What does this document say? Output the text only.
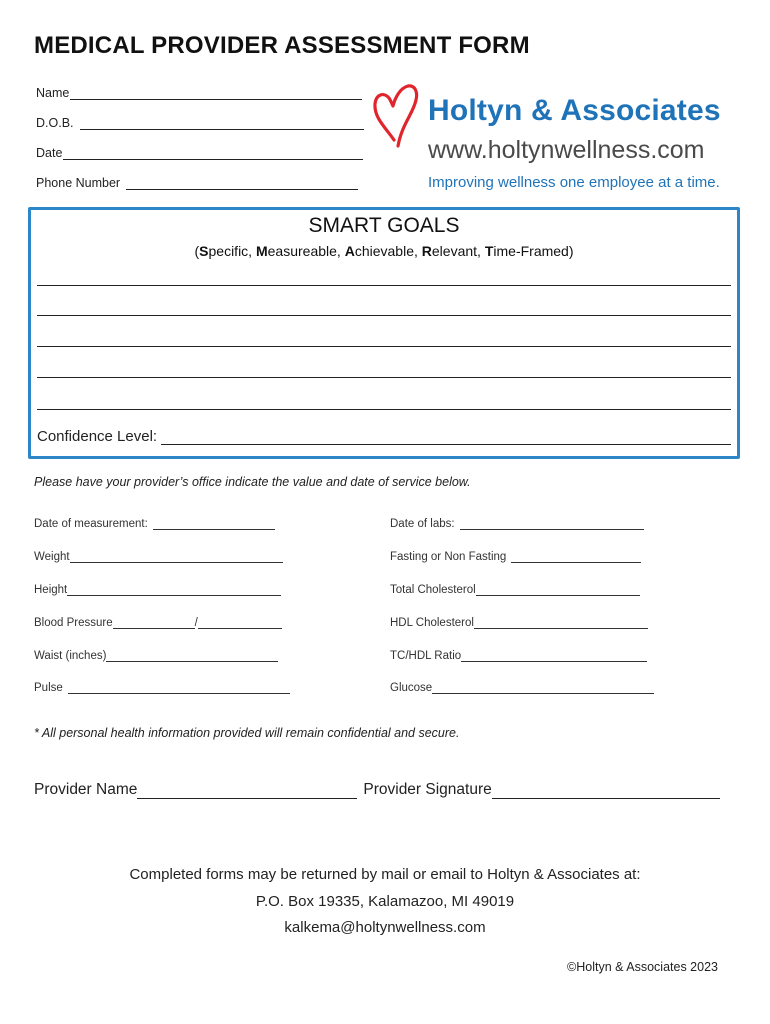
MEDICAL PROVIDER ASSESSMENT FORM
Name
D.O.B.
Date
Phone Number
Holtyn & Associates
www.holtynwellness.com
Improving wellness one employee at a time.
SMART GOALS
(Specific, Measureable, Achievable, Relevant, Time-Framed)
Confidence Level:
Please have your provider’s office indicate the value and date of service below.
Date of measurement:
Weight
Height
Blood Pressure	/
Waist (inches)
Pulse
Date of labs:
Fasting or Non Fasting
Total Cholesterol
HDL Cholesterol
TC/HDL Ratio
Glucose
* All personal health information provided will remain confidential and secure.
Provider Name	Provider Signature
Completed forms may be returned by mail or email to Holtyn & Associates at:
P.O. Box 19335, Kalamazoo, MI 49019
kalkema@holtynwellness.com
©Holtyn & Associates 2023
